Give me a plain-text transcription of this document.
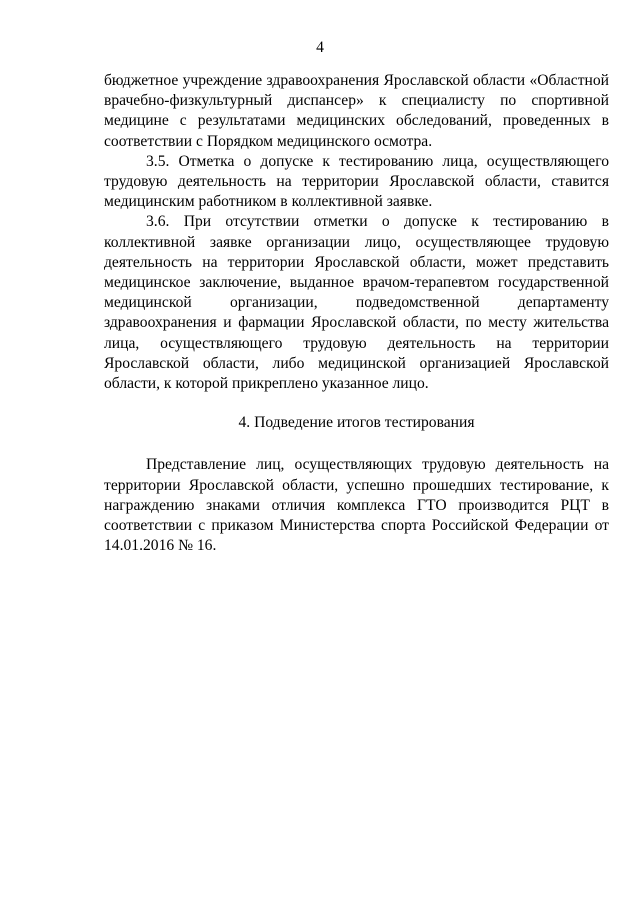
4

бюджетное учреждение здравоохранения Ярославской области «Областной врачебно-физкультурный диспансер» к специалисту по спортивной медицине с результатами медицинских обследований, проведенных в соответствии с Порядком медицинского осмотра.

3.5. Отметка о допуске к тестированию лица, осуществляющего трудовую деятельность на территории Ярославской области, ставится медицинским работником в коллективной заявке.

3.6. При отсутствии отметки о допуске к тестированию в коллективной заявке организации лицо, осуществляющее трудовую деятельность на территории Ярославской области, может представить медицинское заключение, выданное врачом-терапевтом государственной медицинской организации, подведомственной департаменту здравоохранения и фармации Ярославской области, по месту жительства лица, осуществляющего трудовую деятельность на территории Ярославской области, либо медицинской организацией Ярославской области, к которой прикреплено указанное лицо.

4. Подведение итогов тестирования

Представление лиц, осуществляющих трудовую деятельность на территории Ярославской области, успешно прошедших тестирование, к награждению знаками отличия комплекса ГТО производится РЦТ в соответствии с приказом Министерства спорта Российской Федерации от 14.01.2016 № 16.
